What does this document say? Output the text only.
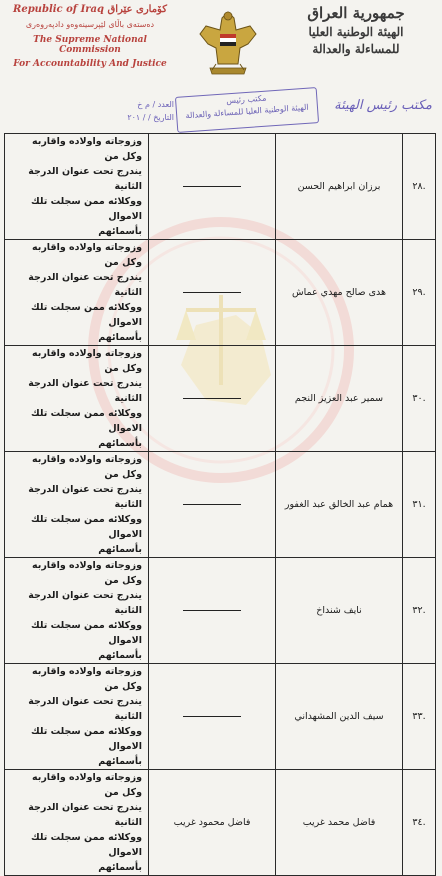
Republic of Iraq کۆماری عێراق
دەستەی باڵای لێپرسینەوەو دادپەروەری
The Supreme National Commission
For Accountability And Justice
جمهورية العراق
الهيئة الوطنية العليا
للمساءلة والعدالة
مكتب رئيس
الهيئة الوطنية العليا للمساءلة والعدالة	مكتب رئيس الهيئة
العدد / م خ
التاريخ / / ٢٠١
.٢٨	برزان ابراهيم الحسن		وزوجاته واولاده واقاربه وكل من
يندرج تحت عنوان الدرجة الثانية
ووكلائه ممن سجلت تلك الاموال
بأسمائهم

.٢٩	هدى صالح مهدي عماش		وزوجاته واولاده واقاربه وكل من
يندرج تحت عنوان الدرجة الثانية
ووكلائه ممن سجلت تلك الاموال
بأسمائهم

.٣٠	سمير عبد العزيز النجم		وزوجاته واولاده واقاربه وكل من
يندرج تحت عنوان الدرجة الثانية
ووكلائه ممن سجلت تلك الاموال
بأسمائهم

.٣١	همام عبد الخالق عبد الغفور		وزوجاته واولاده واقاربه وكل من
يندرج تحت عنوان الدرجة الثانية
ووكلائه ممن سجلت تلك الاموال
بأسمائهم

.٣٢	نايف شنداخ		وزوجاته واولاده واقاربه وكل من
يندرج تحت عنوان الدرجة الثانية
ووكلائه ممن سجلت تلك الاموال
بأسمائهم

.٣٣	سيف الدين المشهداني		وزوجاته واولاده واقاربه وكل من
يندرج تحت عنوان الدرجة الثانية
ووكلائه ممن سجلت تلك الاموال
بأسمائهم

.٣٤	فاضل محمد غريب	فاضل محمود غريب	وزوجاته واولاده واقاربه وكل من
يندرج تحت عنوان الدرجة الثانية
ووكلائه ممن سجلت تلك الاموال
بأسمائهم
